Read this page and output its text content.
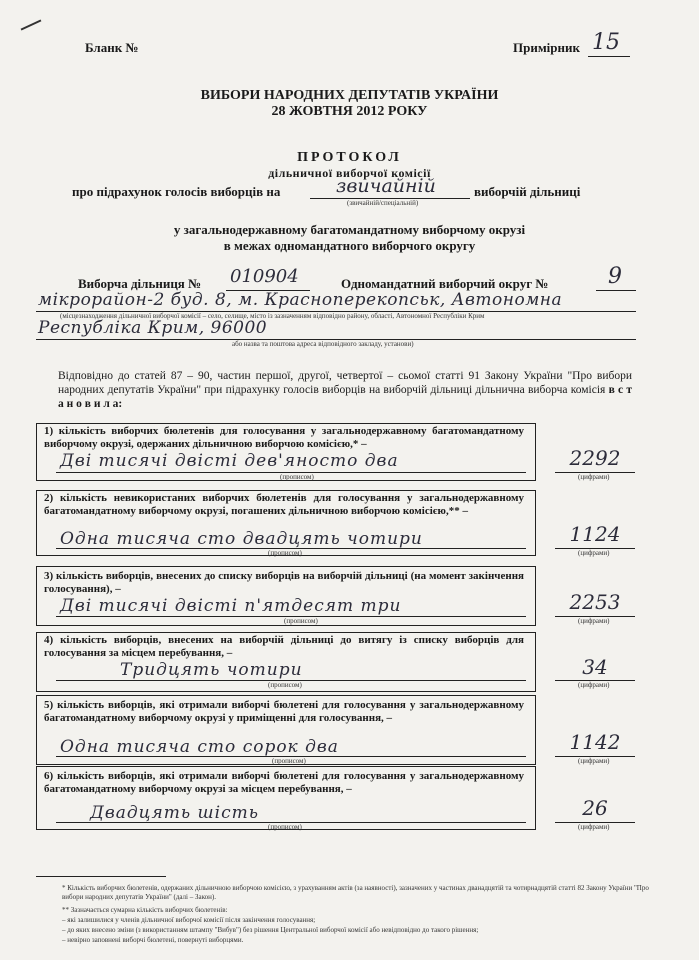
Бланк №	Примірник 15
ВИБОРИ НАРОДНИХ ДЕПУТАТІВ УКРАЇНИ
28 ЖОВТНЯ 2012 РОКУ
ПРОТОКОЛ
дільничної виборчої комісії
про підрахунок голосів виборців на	звичайній
(звичайній/спеціальній)
виборчій дільниці
у загальнодержавному багатомандатному виборчому окрузі
в межах одномандатного виборчого округу
Виборча дільниця № 010904	Одномандатний виборчий округ №	9
мікрорайон-2 буд. 8, м. Красноперекопськ, Автономна
(місцезнаходження дільничної виборчої комісії – село, селище, місто із зазначенням відповідно району, області, Автономної Республіки Крим
Республіка Крим, 96000
або назва та поштова адреса відповідного закладу, установи)
Відповідно до статей 87 – 90, частин першої, другої, четвертої – сьомої статті 91 Закону України "Про вибори народних депутатів України" при підрахунку голосів виборців на виборчій дільниці дільнична виборча комісія в с т а н о в и л а:
1) кількість виборчих бюлетенів для голосування у загальнодержавному багатомандатному виборчому окрузі, одержаних дільничною виборчою комісією,* –
Дві тисячі двісті дев'яносто два
(прописом)
2292
(цифрами)
2) кількість невикористаних виборчих бюлетенів для голосування у загальнодержавному багатомандатному виборчому окрузі, погашених дільничною виборчою комісією,** –
Одна тисяча сто двадцять чотири
(прописом)
1124
(цифрами)
3) кількість виборців, внесених до списку виборців на виборчій дільниці (на момент закінчення голосування), –
Дві тисячі двісті п'ятдесят три
(прописом)
2253
(цифрами)
4) кількість виборців, внесених на виборчій дільниці до витягу із списку виборців для голосування за місцем перебування, –
Тридцять чотири
(прописом)
34
(цифрами)
5) кількість виборців, які отримали виборчі бюлетені для голосування у загальнодержавному багатомандатному виборчому окрузі у приміщенні для голосування, –
Одна тисяча сто сорок два
(прописом)
1142
(цифрами)
6) кількість виборців, які отримали виборчі бюлетені для голосування у загальнодержавному багатомандатному виборчому окрузі за місцем перебування, –
Двадцять шість
(прописом)
26
(цифрами)
* Кількість виборчих бюлетенів, одержаних дільничною виборчою комісією, з урахуванням актів (за наявності), зазначених у частинах дванадцятій та чотирнадцятій статті 82 Закону України "Про вибори народних депутатів України" (далі – Закон).
** Зазначається сумарна кількість виборчих бюлетенів:
– які залишилися у членів дільничної виборчої комісії після закінчення голосування;
– до яких внесено зміни (з використанням штампу "Вибув") без рішення Центральної виборчої комісії або невідповідно до такого рішення;
– невірно заповнені виборчі бюлетені, повернуті виборцями.
